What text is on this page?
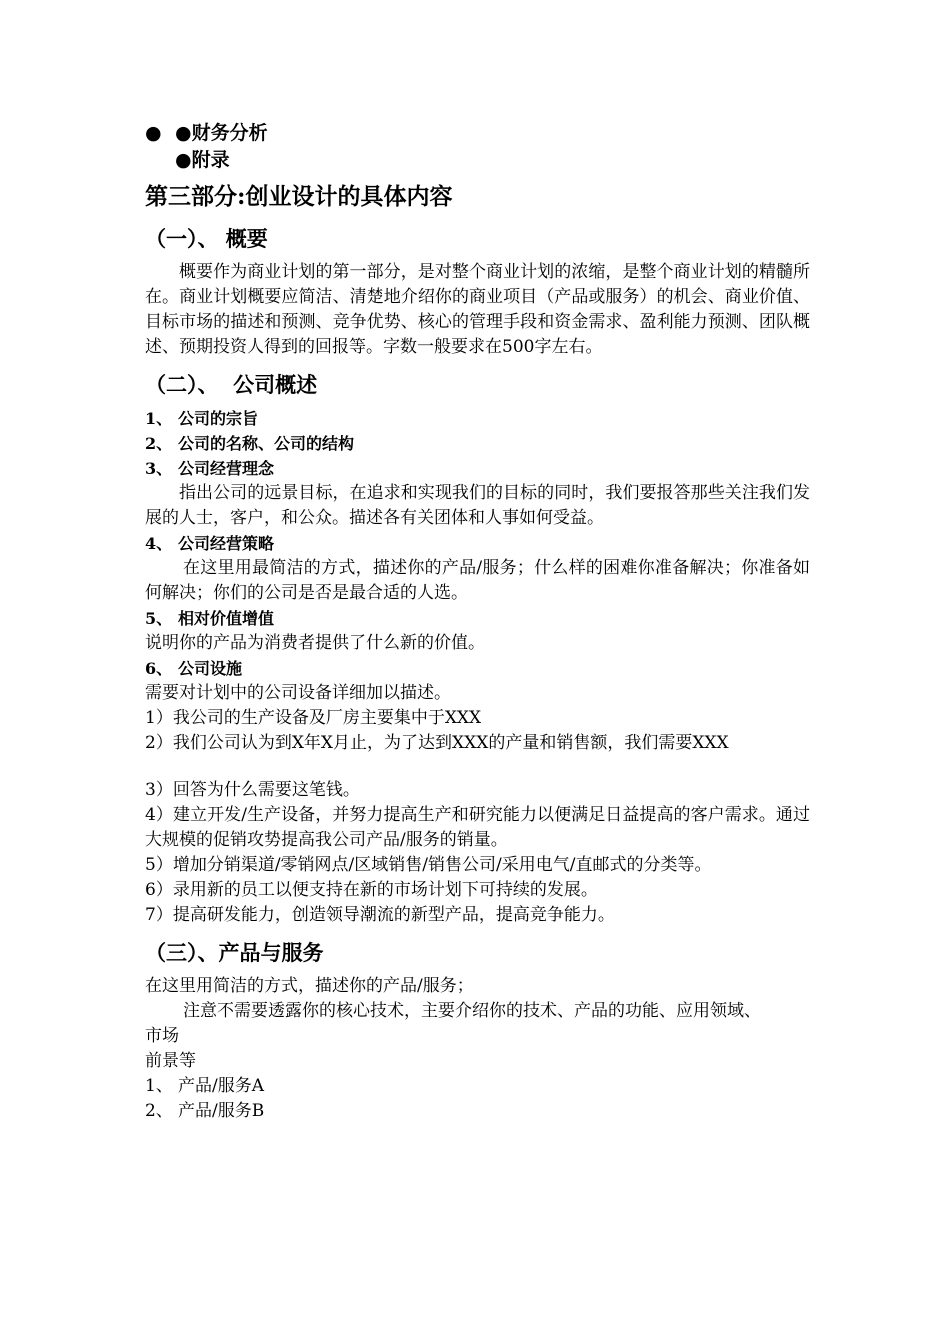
● ●财务分析
●附录
第三部分:创业设计的具体内容
（一）、 概要
概要作为商业计划的第一部分，是对整个商业计划的浓缩，是整个商业计划的精髓所在。商业计划概要应简洁、清楚地介绍你的商业项目（产品或服务）的机会、商业价值、目标市场的描述和预测、竞争优势、核心的管理手段和资金需求、盈利能力预测、团队概述、预期投资人得到的回报等。字数一般要求在500字左右。
（二）、  公司概述
1、 公司的宗旨
2、 公司的名称、公司的结构
3、 公司经营理念
指出公司的远景目标，在追求和实现我们的目标的同时，我们要报答那些关注我们发展的人士，客户，和公众。描述各有关团体和人事如何受益。
4、 公司经营策略
在这里用最简洁的方式，描述你的产品/服务；什么样的困难你准备解决；你准备如何解决；你们的公司是否是最合适的人选。
5、 相对价值增值
说明你的产品为消费者提供了什么新的价值。
6、 公司设施
需要对计划中的公司设备详细加以描述。
1）我公司的生产设备及厂房主要集中于XXX
2）我们公司认为到X年X月止，为了达到XXX的产量和销售额，我们需要XXX
3）回答为什么需要这笔钱。
4）建立开发/生产设备，并努力提高生产和研究能力以便满足日益提高的客户需求。通过大规模的促销攻势提高我公司产品/服务的销量。
5）增加分销渠道/零销网点/区域销售/销售公司/采用电气/直邮式的分类等。
6）录用新的员工以便支持在新的市场计划下可持续的发展。
7）提高研发能力，创造领导潮流的新型产品，提高竞争能力。
（三）、产品与服务
在这里用简洁的方式，描述你的产品/服务；
注意不需要透露你的核心技术，主要介绍你的技术、产品的功能、应用领域、
市场
前景等
1、 产品/服务A
2、 产品/服务B
